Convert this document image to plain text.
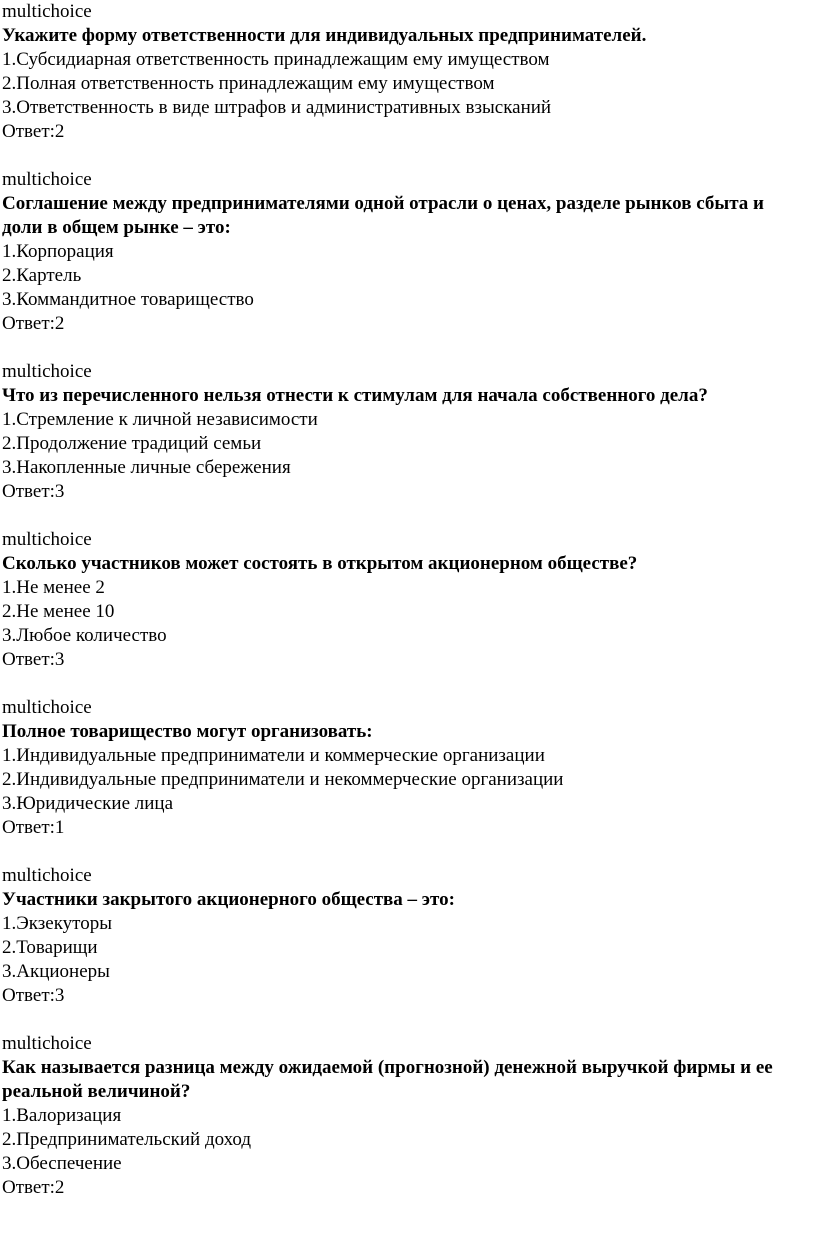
multichoice

Укажите форму ответственности для индивидуальных предпринимателей.

1.Субсидиарная ответственность принадлежащим ему имуществом

2.Полная ответственность принадлежащим ему имуществом

3.Ответственность в виде штрафов и административных взысканий

Ответ:2

multichoice

Соглашение между предпринимателями одной отрасли о ценах, разделе рынков сбыта и доли в общем рынке – это:

1.Корпорация

2.Картель

3.Коммандитное товарищество

Ответ:2

multichoice

Что из перечисленного нельзя отнести к стимулам для начала собственного дела?

1.Стремление к личной независимости

2.Продолжение традиций семьи

3.Накопленные личные сбережения

Ответ:3

multichoice

Сколько участников может состоять в открытом акционерном обществе?

1.Не менее 2

2.Не менее 10

3.Любое количество

Ответ:3

multichoice

Полное товарищество могут организовать:

1.Индивидуальные предприниматели и коммерческие организации

2.Индивидуальные предприниматели и некоммерческие организации

3.Юридические лица

Ответ:1

multichoice

Участники закрытого акционерного общества – это:

1.Экзекуторы

2.Товарищи

3.Акционеры

Ответ:3

multichoice

Как называется разница между ожидаемой (прогнозной) денежной выручкой фирмы и ее реальной величиной?

1.Валоризация

2.Предпринимательский доход

3.Обеспечение

Ответ:2
